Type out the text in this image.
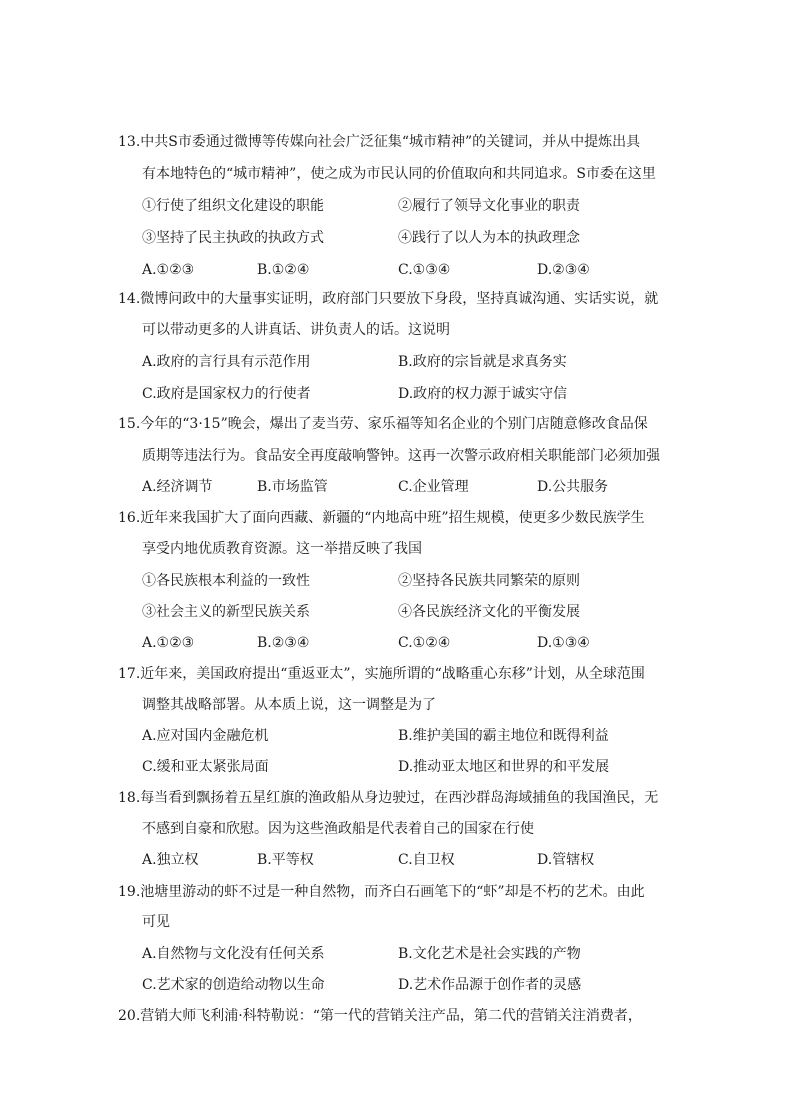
13.中共S市委通过微博等传媒向社会广泛征集“城市精神”的关键词，并从中提炼出具
有本地特色的“城市精神”，使之成为市民认同的价值取向和共同追求。S市委在这里
①行使了组织文化建设的职能	②履行了领导文化事业的职责
③坚持了民主执政的执政方式	④践行了以人为本的执政理念
A.①②③	B.①②④	C.①③④	D.②③④
14.微博问政中的大量事实证明，政府部门只要放下身段，坚持真诚沟通、实话实说，就
可以带动更多的人讲真话、讲负责人的话。这说明
A.政府的言行具有示范作用	B.政府的宗旨就是求真务实
C.政府是国家权力的行使者	D.政府的权力源于诚实守信
15.今年的“3·15”晚会，爆出了麦当劳、家乐福等知名企业的个别门店随意修改食品保
质期等违法行为。食品安全再度敲响警钟。这再一次警示政府相关职能部门必须加强
A.经济调节	B.市场监管	C.企业管理	D.公共服务
16.近年来我国扩大了面向西藏、新疆的“内地高中班”招生规模，使更多少数民族学生
享受内地优质教育资源。这一举措反映了我国
①各民族根本利益的一致性	②坚持各民族共同繁荣的原则
③社会主义的新型民族关系	④各民族经济文化的平衡发展
A.①②③	B.②③④	C.①②④	D.①③④
17.近年来，美国政府提出“重返亚太”，实施所谓的“战略重心东移”计划，从全球范围
调整其战略部署。从本质上说，这一调整是为了
A.应对国内金融危机	B.维护美国的霸主地位和既得利益
C.缓和亚太紧张局面	D.推动亚太地区和世界的和平发展
18.每当看到飘扬着五星红旗的渔政船从身边驶过，在西沙群岛海域捕鱼的我国渔民，无
不感到自豪和欣慰。因为这些渔政船是代表着自己的国家在行使
A.独立权	B.平等权	C.自卫权	D.管辖权
19.池塘里游动的虾不过是一种自然物，而齐白石画笔下的“虾”却是不朽的艺术。由此
可见
A.自然物与文化没有任何关系	B.文化艺术是社会实践的产物
C.艺术家的创造给动物以生命	D.艺术作品源于创作者的灵感
20.营销大师飞利浦·科特勒说：“第一代的营销关注产品，第二代的营销关注消费者，
